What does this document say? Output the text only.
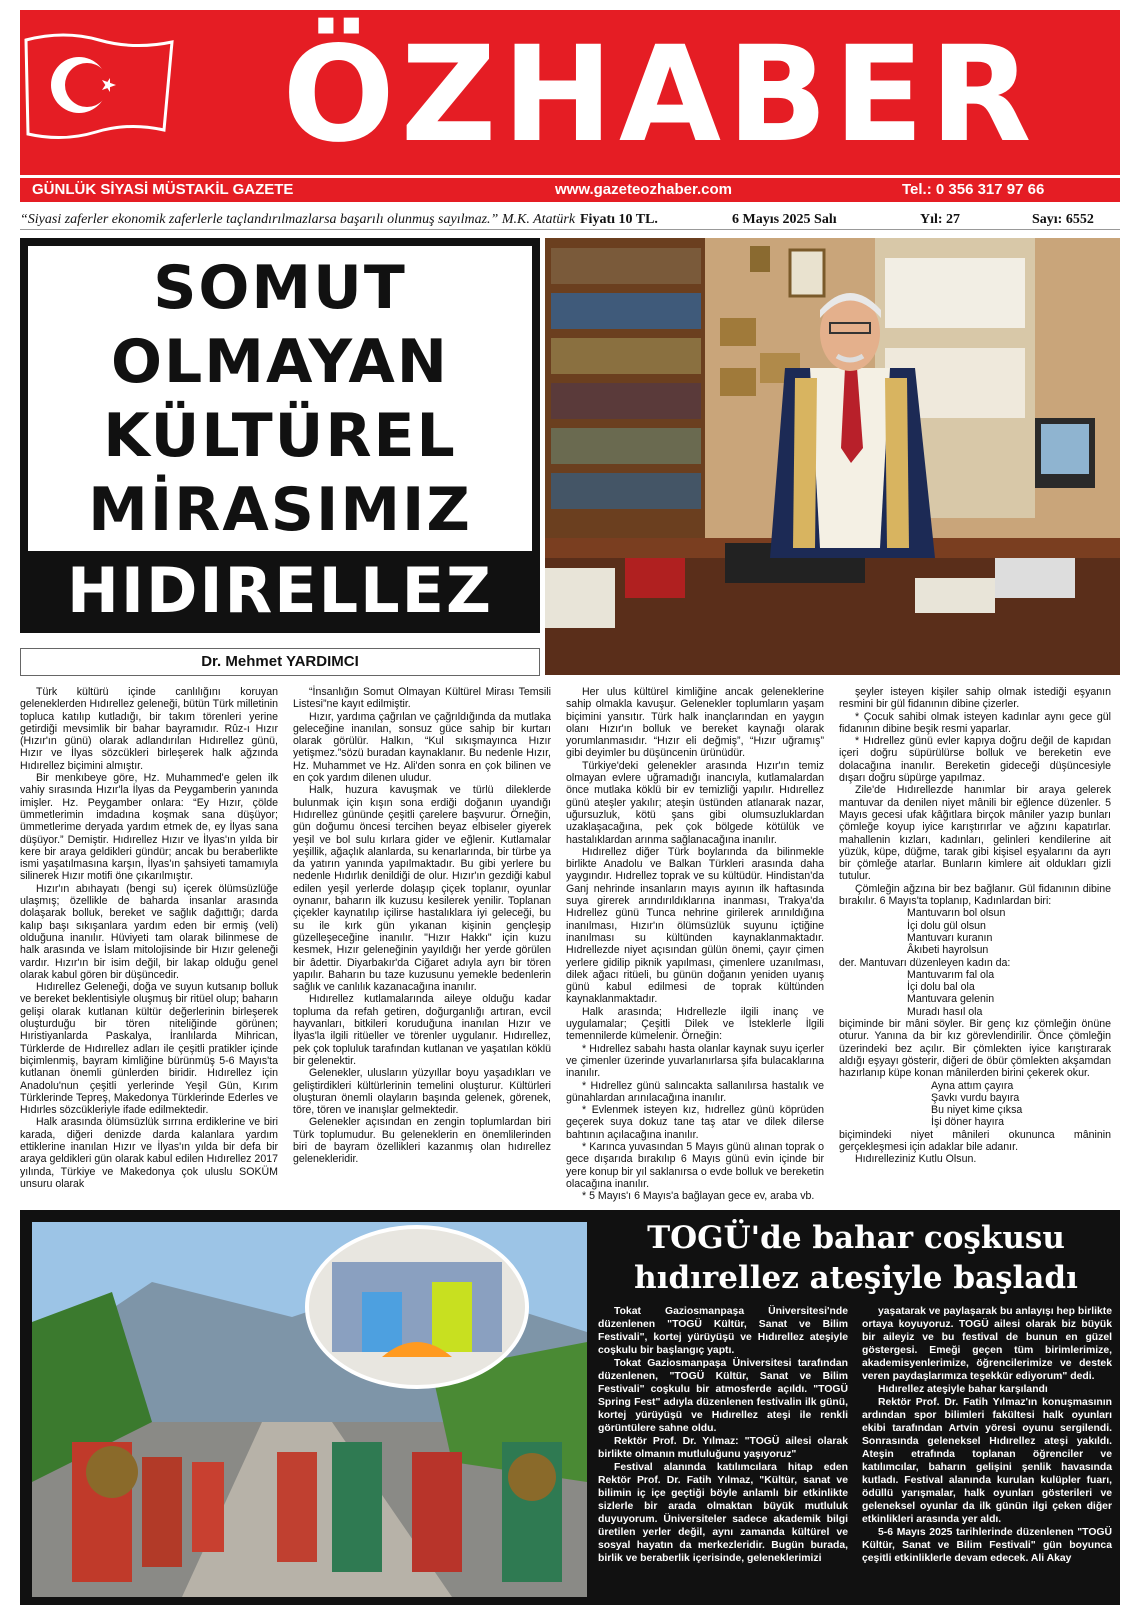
ÖZHABER
GÜNLÜK SİYASİ MÜSTAKİL GAZETE	www.gazeteozhaber.com	Tel.: 0 356 317 97 66
“Siyasi zaferler ekonomik zaferlerle taçlandırılmazlarsa başarılı olunmuş sayılmaz.” M.K. Atatürk Fiyatı 10 TL.	6 Mayıs 2025 Salı	Yıl: 27	Sayı: 6552
SOMUT
OLMAYAN
KÜLTÜREL
MİRASIMIZ
HIDIRELLEZ
Dr. Mehmet YARDIMCI

Türk kültürü içinde canlılığını koruyan geleneklerden Hıdırellez geleneği, bütün Türk milletinin topluca katılıp kutladığı, bir takım törenleri yerine getirdiği mevsimlik bir bahar bayramıdır. Rûz-ı Hızır (Hızır'ın günü) olarak adlandırılan Hıdırellez günü, Hızır ve İlyas sözcükleri birleşerek halk ağzında Hıdırellez biçimini almıştır.

Bir menkıbeye göre, Hz. Muhammed'e gelen ilk vahiy sırasında Hızır'la İlyas da Peygamberin yanında imişler. Hz. Peygamber onlara: “Ey Hızır, çölde ümmetlerimin imdadına koşmak sana düşüyor; ümmetlerime deryada yardım etmek de, ey İlyas sana düşüyor.” Demiştir. Hıdırellez Hızır ve İlyas'ın yılda bir kere bir araya geldikleri gündür; ancak bu beraberlikte ismi yaşatılmasına karşın, İlyas'ın şahsiyeti tamamıyla silinerek Hızır motifi öne çıkarılmıştır.

Hızır'ın abıhayatı (bengi su) içerek ölümsüzlüğe ulaşmış; özellikle de baharda insanlar arasında dolaşarak bolluk, bereket ve sağlık dağıttığı; darda kalıp başı sıkışanlara yardım eden bir ermiş (veli) olduğuna inanılır. Hüviyeti tam olarak bilinmese de halk arasında ve İslam mitolojisinde bir Hızır geleneği vardır. Hızır'ın bir isim değil, bir lakap olduğu genel olarak kabul gören bir düşüncedir.

Hıdırellez Geleneği, doğa ve suyun kutsanıp bolluk ve bereket beklentisiyle oluşmuş bir ritüel olup; baharın gelişi olarak kutlanan kültür değerlerinin birleşerek oluşturduğu bir tören niteliğinde görünen; Hıristiyanlarda Paskalya, İranlılarda Mihrican, Türklerde de Hıdırellez adları ile çeşitli pratikler içinde biçimlenmiş, bayram kimliğine bürünmüş 5-6 Mayıs'ta kutlanan önemli günlerden biridir. Hıdırellez için Anadolu'nun çeşitli yerlerinde Yeşil Gün, Kırım Türklerinde Tepreş, Makedonya Türklerinde Ederles ve Hıdırles sözcükleriyle ifade edilmektedir.

Halk arasında ölümsüzlük sırrına erdiklerine ve biri karada, diğeri denizde darda kalanlara yardım ettiklerine inanılan Hızır ve İlyas'ın yılda bir defa bir araya geldikleri gün olarak kabul edilen Hıdırellez 2017 yılında, Türkiye ve Makedonya çok uluslu SOKÜM unsuru olarak

“İnsanlığın Somut Olmayan Kültürel Mirası Temsili Listesi”ne kayıt edilmiştir.

Hızır, yardıma çağrılan ve çağrıldığında da mutlaka geleceğine inanılan, sonsuz güce sahip bir kurtarı olarak görülür. Halkın, “Kul sıkışmayınca Hızır yetişmez.”sözü buradan kaynaklanır. Bu nedenle Hızır, Hz. Muhammet ve Hz. Ali'den sonra en çok bilinen ve en çok yardım dilenen uludur.

Halk, huzura kavuşmak ve türlü dileklerde bulunmak için kışın sona erdiği doğanın uyandığı Hıdırellez gününde çeşitli çarelere başvurur. Örneğin, gün doğumu öncesi tercihen beyaz elbiseler giyerek yeşil ve bol sulu kırlara gider ve eğlenir. Kutlamalar yeşillik, ağaçlık alanlarda, su kenarlarında, bir türbe ya da yatırın yanında yapılmaktadır. Bu gibi yerlere bu nedenle Hıdırlık denildiği de olur. Hızır'ın gezdiği kabul edilen yeşil yerlerde dolaşıp çiçek toplanır, oyunlar oynanır, baharın ilk kuzusu kesilerek yenilir. Toplanan çiçekler kaynatılıp içilirse hastalıklara iyi geleceği, bu su ile kırk gün yıkanan kişinin gençleşip güzelleşeceğine inanılır. "Hızır Hakkı" için kuzu kesmek, Hızır geleneğinin yayıldığı her yerde görülen bir âdettir. Diyarbakır'da Ciğaret adıyla ayrı bir tören yapılır. Baharın bu taze kuzusunu yemekle bedenlerin sağlık ve canlılık kazanacağına inanılır.

Hıdırellez kutlamalarında aileye olduğu kadar topluma da refah getiren, doğurganlığı artıran, evcil hayvanları, bitkileri koruduğuna inanılan Hızır ve İlyas'la ilgili ritüeller ve törenler uygulanır. Hıdırellez, pek çok topluluk tarafından kutlanan ve yaşatılan köklü bir gelenektir.

Gelenekler, ulusların yüzyıllar boyu yaşadıkları ve geliştirdikleri kültürlerinin temelini oluşturur. Kültürleri oluşturan önemli olayların başında gelenek, görenek, töre, tören ve inanışlar gelmektedir.

Gelenekler açısından en zengin toplumlardan biri Türk toplumudur. Bu geleneklerin en önemlilerinden biri de bayram özellikleri kazanmış olan hıdırellez gelenekleridir.

Her ulus kültürel kimliğine ancak geleneklerine sahip olmakla kavuşur. Gelenekler toplumların yaşam biçimini yansıtır. Türk halk inançlarından en yaygın olanı Hızır'ın bolluk ve bereket kaynağı olarak yorumlanmasıdır. “Hızır eli değmiş”, “Hızır uğramış” gibi deyimler bu düşüncenin ürünüdür.

Türkiye'deki gelenekler arasında Hızır'ın temiz olmayan evlere uğramadığı inancıyla, kutlamalardan önce mutlaka köklü bir ev temizliği yapılır. Hıdırellez günü ateşler yakılır; ateşin üstünden atlanarak nazar, uğursuzluk, kötü şans gibi olumsuzluklardan uzaklaşacağına, pek çok bölgede kötülük ve hastalıklardan arınma sağlanacağına inanılır.

Hıdırellez diğer Türk boylarında da bilinmekle birlikte Anadolu ve Balkan Türkleri arasında daha yaygındır. Hıdrellez toprak ve su kültüdür. Hindistan'da Ganj nehrinde insanların mayıs ayının ilk haftasında suya girerek arındırıldıklarına inanması, Trakya'da Hıdrellez günü Tunca nehrine girilerek arınıldığına inanılması, Hızır'ın ölümsüzlük suyunu içtiğine inanılması su kültünden kaynaklanmaktadır. Hıdrellezde niyet açısından gülün önemi, çayır çimen yerlere gidilip piknik yapılması, çimenlere uzanılması, dilek ağacı ritüeli, bu günün doğanın yeniden uyanış günü kabul edilmesi de toprak kültünden kaynaklanmaktadır.

Halk arasında; Hıdrellezle ilgili inanç ve uygulamalar; Çeşitli Dilek ve İsteklerle İlgili temennilerde kümelenir. Örneğin:

* Hıdrellez sabahı hasta olanlar kaynak suyu içerler ve çimenler üzerinde yuvarlanırlarsa şifa bulacaklarına inanılır.

* Hıdrellez günü salıncakta sallanılırsa hastalık ve günahlardan arınılacağına inanılır.

* Evlenmek isteyen kız, hıdrellez günü köprüden geçerek suya dokuz tane taş atar ve dilek dilerse bahtının açılacağına inanılır.

* Karınca yuvasından 5 Mayıs günü alınan toprak o gece dışarıda bırakılıp 6 Mayıs günü evin içinde bir yere konup bir yıl saklanırsa o evde bolluk ve bereketin olacağına inanılır.

* 5 Mayıs'ı 6 Mayıs'a bağlayan gece ev, araba vb.

şeyler isteyen kişiler sahip olmak istediği eşyanın resmini bir gül fidanının dibine çizerler.

* Çocuk sahibi olmak isteyen kadınlar aynı gece gül fidanının dibine beşik resmi yaparlar.

* Hıdrellez günü evler kapıya doğru değil de kapıdan içeri doğru süpürülürse bolluk ve bereketin eve dolacağına inanılır. Bereketin gideceği düşüncesiyle dışarı doğru süpürge yapılmaz.

Zile'de Hıdırellezde hanımlar bir araya gelerek mantuvar da denilen niyet mânili bir eğlence düzenler. 5 Mayıs gecesi ufak kâğıtlara birçok mâniler yazıp bunları çömleğe koyup iyice karıştırırlar ve ağzını kapatırlar. mahallenin kızları, kadınları, gelinleri kendilerine ait yüzük, küpe, düğme, tarak gibi kişisel eşyalarını da ayrı bir çömleğe atarlar. Bunların kimlere ait oldukları gizli tutulur.

Çömleğin ağzına bir bez bağlanır. Gül fidanının dibine bırakılır. 6 Mayıs'ta toplanıp, Kadınlardan biri:

Mantuvarın bol olsun

İçi dolu gül olsun

Mantuvarı kuranın

Âkıbeti hayrolsun

der. Mantuvarı düzenleyen kadın da:

Mantuvarım fal ola

İçi dolu bal ola

Mantuvara gelenin

Muradı hasıl ola

biçiminde bir mâni söyler. Bir genç kız çömleğin önüne oturur. Yanına da bir kız görevlendirilir. Önce çömleğin üzerindeki bez açılır. Bir çömlekten iyice karıştırarak aldığı eşyayı gösterir, diğeri de öbür çömlekten akşamdan hazırlanıp küpe konan mânilerden birini çekerek okur.

Ayna attım çayıra

Şavkı vurdu bayıra

Bu niyet kime çıksa

İşi döner hayıra

biçimindeki niyet mânileri okununca mâninin gerçekleşmesi için adaklar bile adanır.

Hıdırelleziniz Kutlu Olsun.

TOGÜ'de bahar coşkusu hıdırellez ateşiyle başladı

Tokat Gaziosmanpaşa Üniversitesi'nde düzenlenen "TOGÜ Kültür, Sanat ve Bilim Festivali", kortej yürüyüşü ve Hıdırellez ateşiyle coşkulu bir başlangıç yaptı.

Tokat Gaziosmanpaşa Üniversitesi tarafından düzenlenen, "TOGÜ Kültür, Sanat ve Bilim Festivali" coşkulu bir atmosferde açıldı. "TOGÜ Spring Fest" adıyla düzenlenen festivalin ilk günü, kortej yürüyüşü ve Hıdırellez ateşi ile renkli görüntülere sahne oldu.

Rektör Prof. Dr. Yılmaz: "TOGÜ ailesi olarak birlikte olmanın mutluluğunu yaşıyoruz"

Festival alanında katılımcılara hitap eden Rektör Prof. Dr. Fatih Yılmaz, "Kültür, sanat ve bilimin iç içe geçtiği böyle anlamlı bir etkinlikte sizlerle bir arada olmaktan büyük mutluluk duyuyorum. Üniversiteler sadece akademik bilgi üretilen yerler değil, aynı zamanda kültürel ve sosyal hayatın da merkezleridir. Bugün burada, birlik ve beraberlik içerisinde, geleneklerimizi

yaşatarak ve paylaşarak bu anlayışı hep birlikte ortaya koyuyoruz. TOGÜ ailesi olarak biz büyük bir aileyiz ve bu festival de bunun en güzel göstergesi. Emeği geçen tüm birimlerimize, akademisyenlerimize, öğrencilerimize ve destek veren paydaşlarımıza teşekkür ediyorum" dedi.

Hıdırellez ateşiyle bahar karşılandı

Rektör Prof. Dr. Fatih Yılmaz'ın konuşmasının ardından spor bilimleri fakültesi halk oyunları ekibi tarafından Artvin yöresi oyunu sergilendi. Sonrasında geleneksel Hıdırellez ateşi yakıldı. Ateşin etrafında toplanan öğrenciler ve katılımcılar, baharın gelişini şenlik havasında kutladı. Festival alanında kurulan kulüpler fuarı, ödüllü yarışmalar, halk oyunları gösterileri ve geleneksel oyunlar da ilk günün ilgi çeken diğer etkinlikleri arasında yer aldı.

5-6 Mayıs 2025 tarihlerinde düzenlenen "TOGÜ Kültür, Sanat ve Bilim Festivali" gün boyunca çeşitli etkinliklerle devam edecek. Ali Akay
